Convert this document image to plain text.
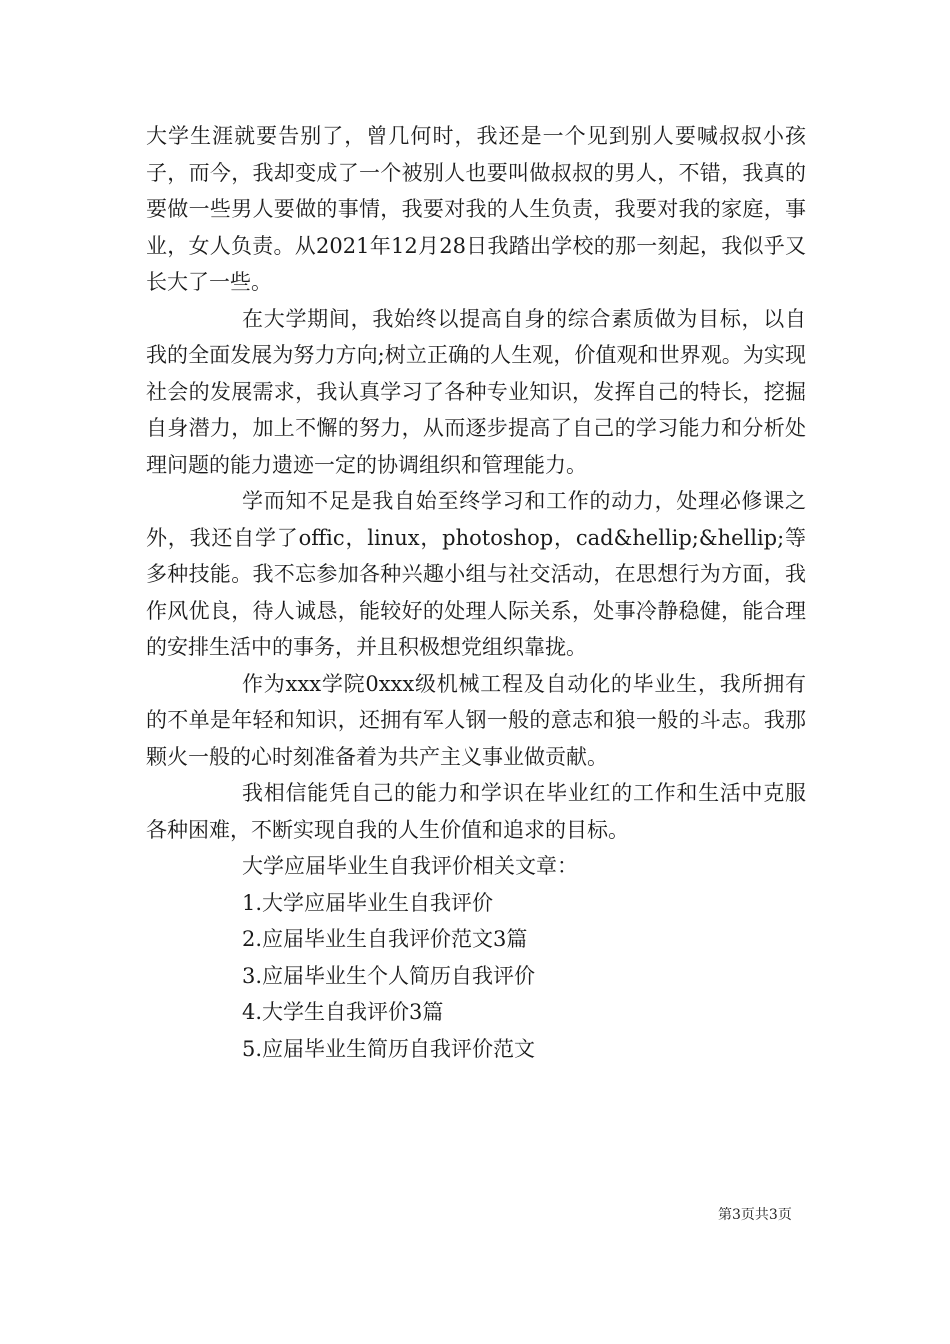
大学生涯就要告别了，曾几何时，我还是一个见到别人要喊叔叔小孩子，而今，我却变成了一个被别人也要叫做叔叔的男人，不错，我真的要做一些男人要做的事情，我要对我的人生负责，我要对我的家庭，事业，女人负责。从2021年12月28日我踏出学校的那一刻起，我似乎又长大了一些。

在大学期间，我始终以提高自身的综合素质做为目标，以自我的全面发展为努力方向;树立正确的人生观，价值观和世界观。为实现社会的发展需求，我认真学习了各种专业知识，发挥自己的特长，挖掘自身潜力，加上不懈的努力，从而逐步提高了自己的学习能力和分析处理问题的能力遗迹一定的协调组织和管理能力。

学而知不足是我自始至终学习和工作的动力，处理必修课之外，我还自学了offic，linux，photoshop，cad&hellip;&hellip;等多种技能。我不忘参加各种兴趣小组与社交活动，在思想行为方面，我作风优良，待人诚恳，能较好的处理人际关系，处事冷静稳健，能合理的安排生活中的事务，并且积极想党组织靠拢。

作为xxx学院0xxx级机械工程及自动化的毕业生，我所拥有的不单是年轻和知识，还拥有军人钢一般的意志和狼一般的斗志。我那颗火一般的心时刻准备着为共产主义事业做贡献。

我相信能凭自己的能力和学识在毕业红的工作和生活中克服各种困难，不断实现自我的人生价值和追求的目标。

大学应届毕业生自我评价相关文章：
1.大学应届毕业生自我评价
2.应届毕业生自我评价范文3篇
3.应届毕业生个人简历自我评价
4.大学生自我评价3篇
5.应届毕业生简历自我评价范文
第3页共3页
